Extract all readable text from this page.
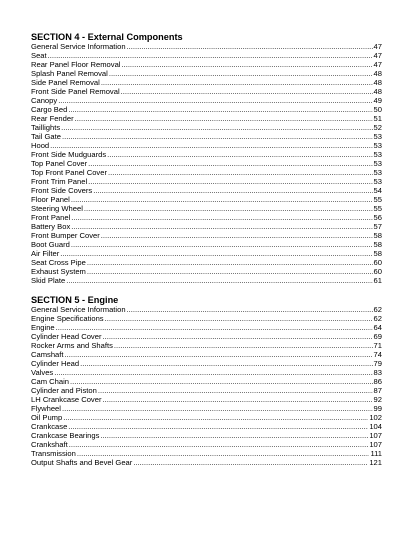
SECTION 4 - External Components
General Service Information .....	47
Seat .....	47
Rear Panel Floor Removal .....	47
Splash Panel Removal .....	48
Side Panel Removal .....	48
Front Side Panel Removal .....	48
Canopy .....	49
Cargo Bed .....	50
Rear Fender .....	51
Taillights .....	52
Tail Gate .....	53
Hood .....	53
Front Side Mudguards .....	53
Top Panel Cover .....	53
Top Front Panel Cover .....	53
Front Trim Panel .....	53
Front Side Covers .....	54
Floor Panel .....	55
Steering Wheel .....	55
Front Panel .....	56
Battery Box .....	57
Front Bumper Cover .....	58
Boot Guard .....	58
Air Filter .....	58
Seat Cross Pipe .....	60
Exhaust System .....	60
Skid Plate .....	61
SECTION 5 - Engine
General Service Information .....	62
Engine Specifications .....	62
Engine .....	64
Cylinder Head Cover .....	69
Rocker Arms and Shafts .....	71
Camshaft .....	74
Cylinder Head .....	79
Valves .....	83
Cam Chain .....	86
Cylinder and Piston .....	87
LH Crankcase Cover .....	92
Flywheel .....	99
Oil Pump .....	102
Crankcase .....	104
Crankcase Bearings .....	107
Crankshaft .....	107
Transmission .....	111
Output Shafts and Bevel Gear .....	121
